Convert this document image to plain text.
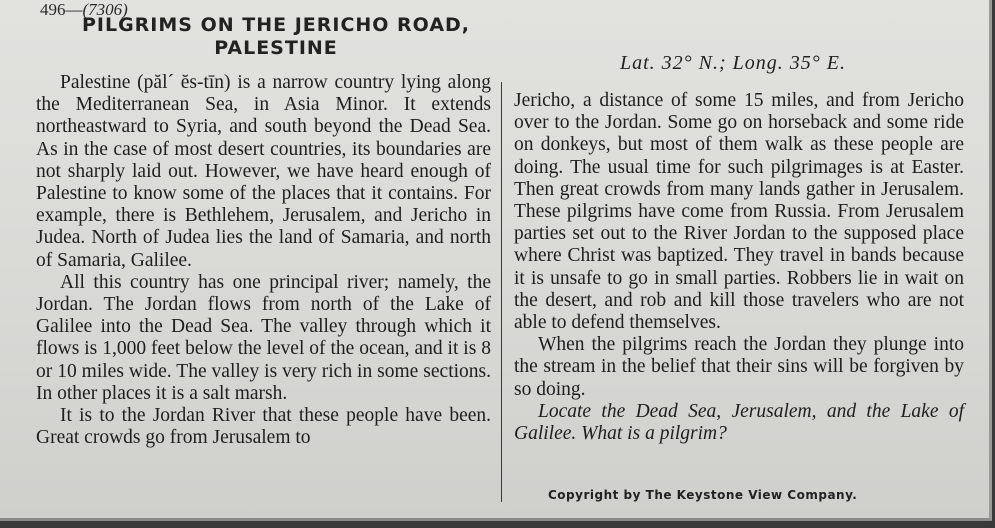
496—(7306)
PILGRIMS ON THE JERICHO ROAD,
PALESTINE
Lat. 32° N.; Long. 35° E.

Palestine (păl´ ĕs-tīn) is a narrow country lying along the Mediterranean Sea, in Asia Minor. It extends northeastward to Syria, and south beyond the Dead Sea. As in the case of most desert countries, its boundaries are not sharply laid out. However, we have heard enough of Palestine to know some of the places that it contains. For example, there is Bethlehem, Jerusalem, and Jericho in Judea. North of Judea lies the land of Samaria, and north of Samaria, Galilee.

All this country has one principal river; namely, the Jordan. The Jordan flows from north of the Lake of Galilee into the Dead Sea. The valley through which it flows is 1,000 feet below the level of the ocean, and it is 8 or 10 miles wide. The valley is very rich in some sections. In other places it is a salt marsh.

It is to the Jordan River that these people have been. Great crowds go from Jerusalem to

Jericho, a distance of some 15 miles, and from Jericho over to the Jordan. Some go on horseback and some ride on donkeys, but most of them walk as these people are doing. The usual time for such pilgrimages is at Easter. Then great crowds from many lands gather in Jerusalem. These pilgrims have come from Russia. From Jerusalem parties set out to the River Jordan to the supposed place where Christ was baptized. They travel in bands because it is unsafe to go in small parties. Robbers lie in wait on the desert, and rob and kill those travelers who are not able to defend themselves.

When the pilgrims reach the Jordan they plunge into the stream in the belief that their sins will be forgiven by so doing.

Locate the Dead Sea, Jerusalem, and the Lake of Galilee. What is a pilgrim?

Copyright by The Keystone View Company.
